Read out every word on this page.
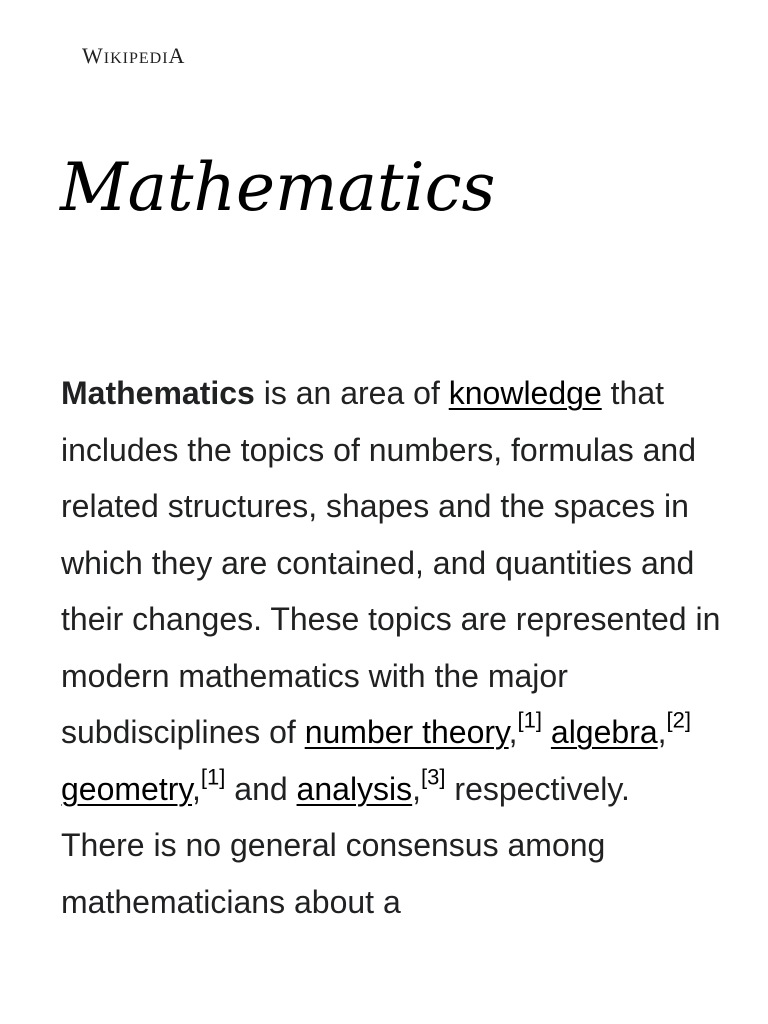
WIKIPEDIA
Mathematics

Mathematics is an area of knowledge that includes the topics of numbers, formulas and related structures, shapes and the spaces in which they are contained, and quantities and their changes. These topics are represented in modern mathematics with the major subdisciplines of number theory,[1] algebra,[2] geometry,[1] and analysis,[3] respectively. There is no general consensus among mathematicians about a
